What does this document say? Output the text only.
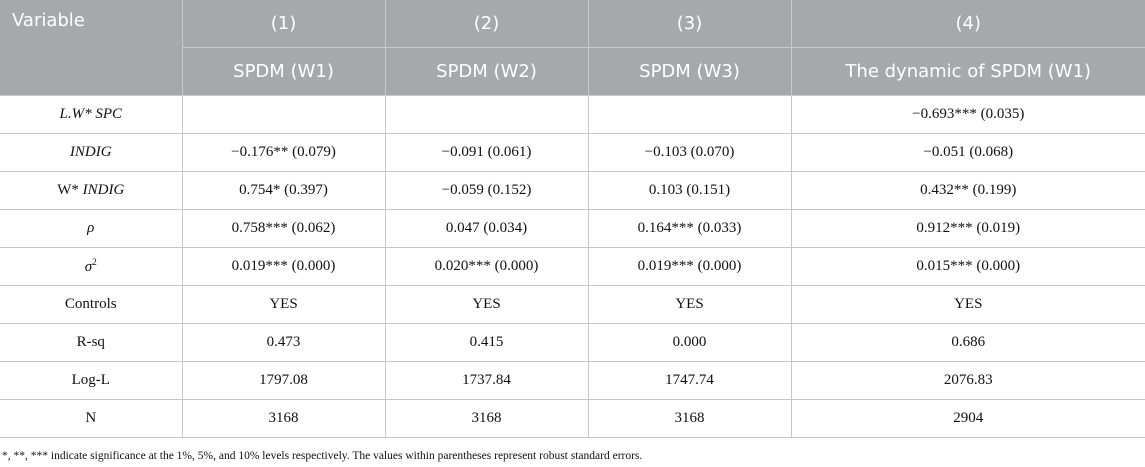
Variable	(1)	(2)	(3)	(4)
	SPDM (W1)	SPDM (W2)	SPDM (W3)	The dynamic of SPDM (W1)
L.W* SPC				−0.693*** (0.035)
INDIG	−0.176** (0.079)	−0.091 (0.061)	−0.103 (0.070)	−0.051 (0.068)
W* INDIG	0.754* (0.397)	−0.059 (0.152)	0.103 (0.151)	0.432** (0.199)
ρ	0.758*** (0.062)	0.047 (0.034)	0.164*** (0.033)	0.912*** (0.019)
$\sigma^2$	0.019*** (0.000)	0.020*** (0.000)	0.019*** (0.000)	0.015*** (0.000)
Controls	YES	YES	YES	YES
R-sq	0.473	0.415	0.000	0.686
Log-L	1797.08	1737.84	1747.74	2076.83
N	3168	3168	3168	2904
*, **, *** indicate significance at the 1%, 5%, and 10% levels respectively. The values within parentheses represent robust standard errors.
